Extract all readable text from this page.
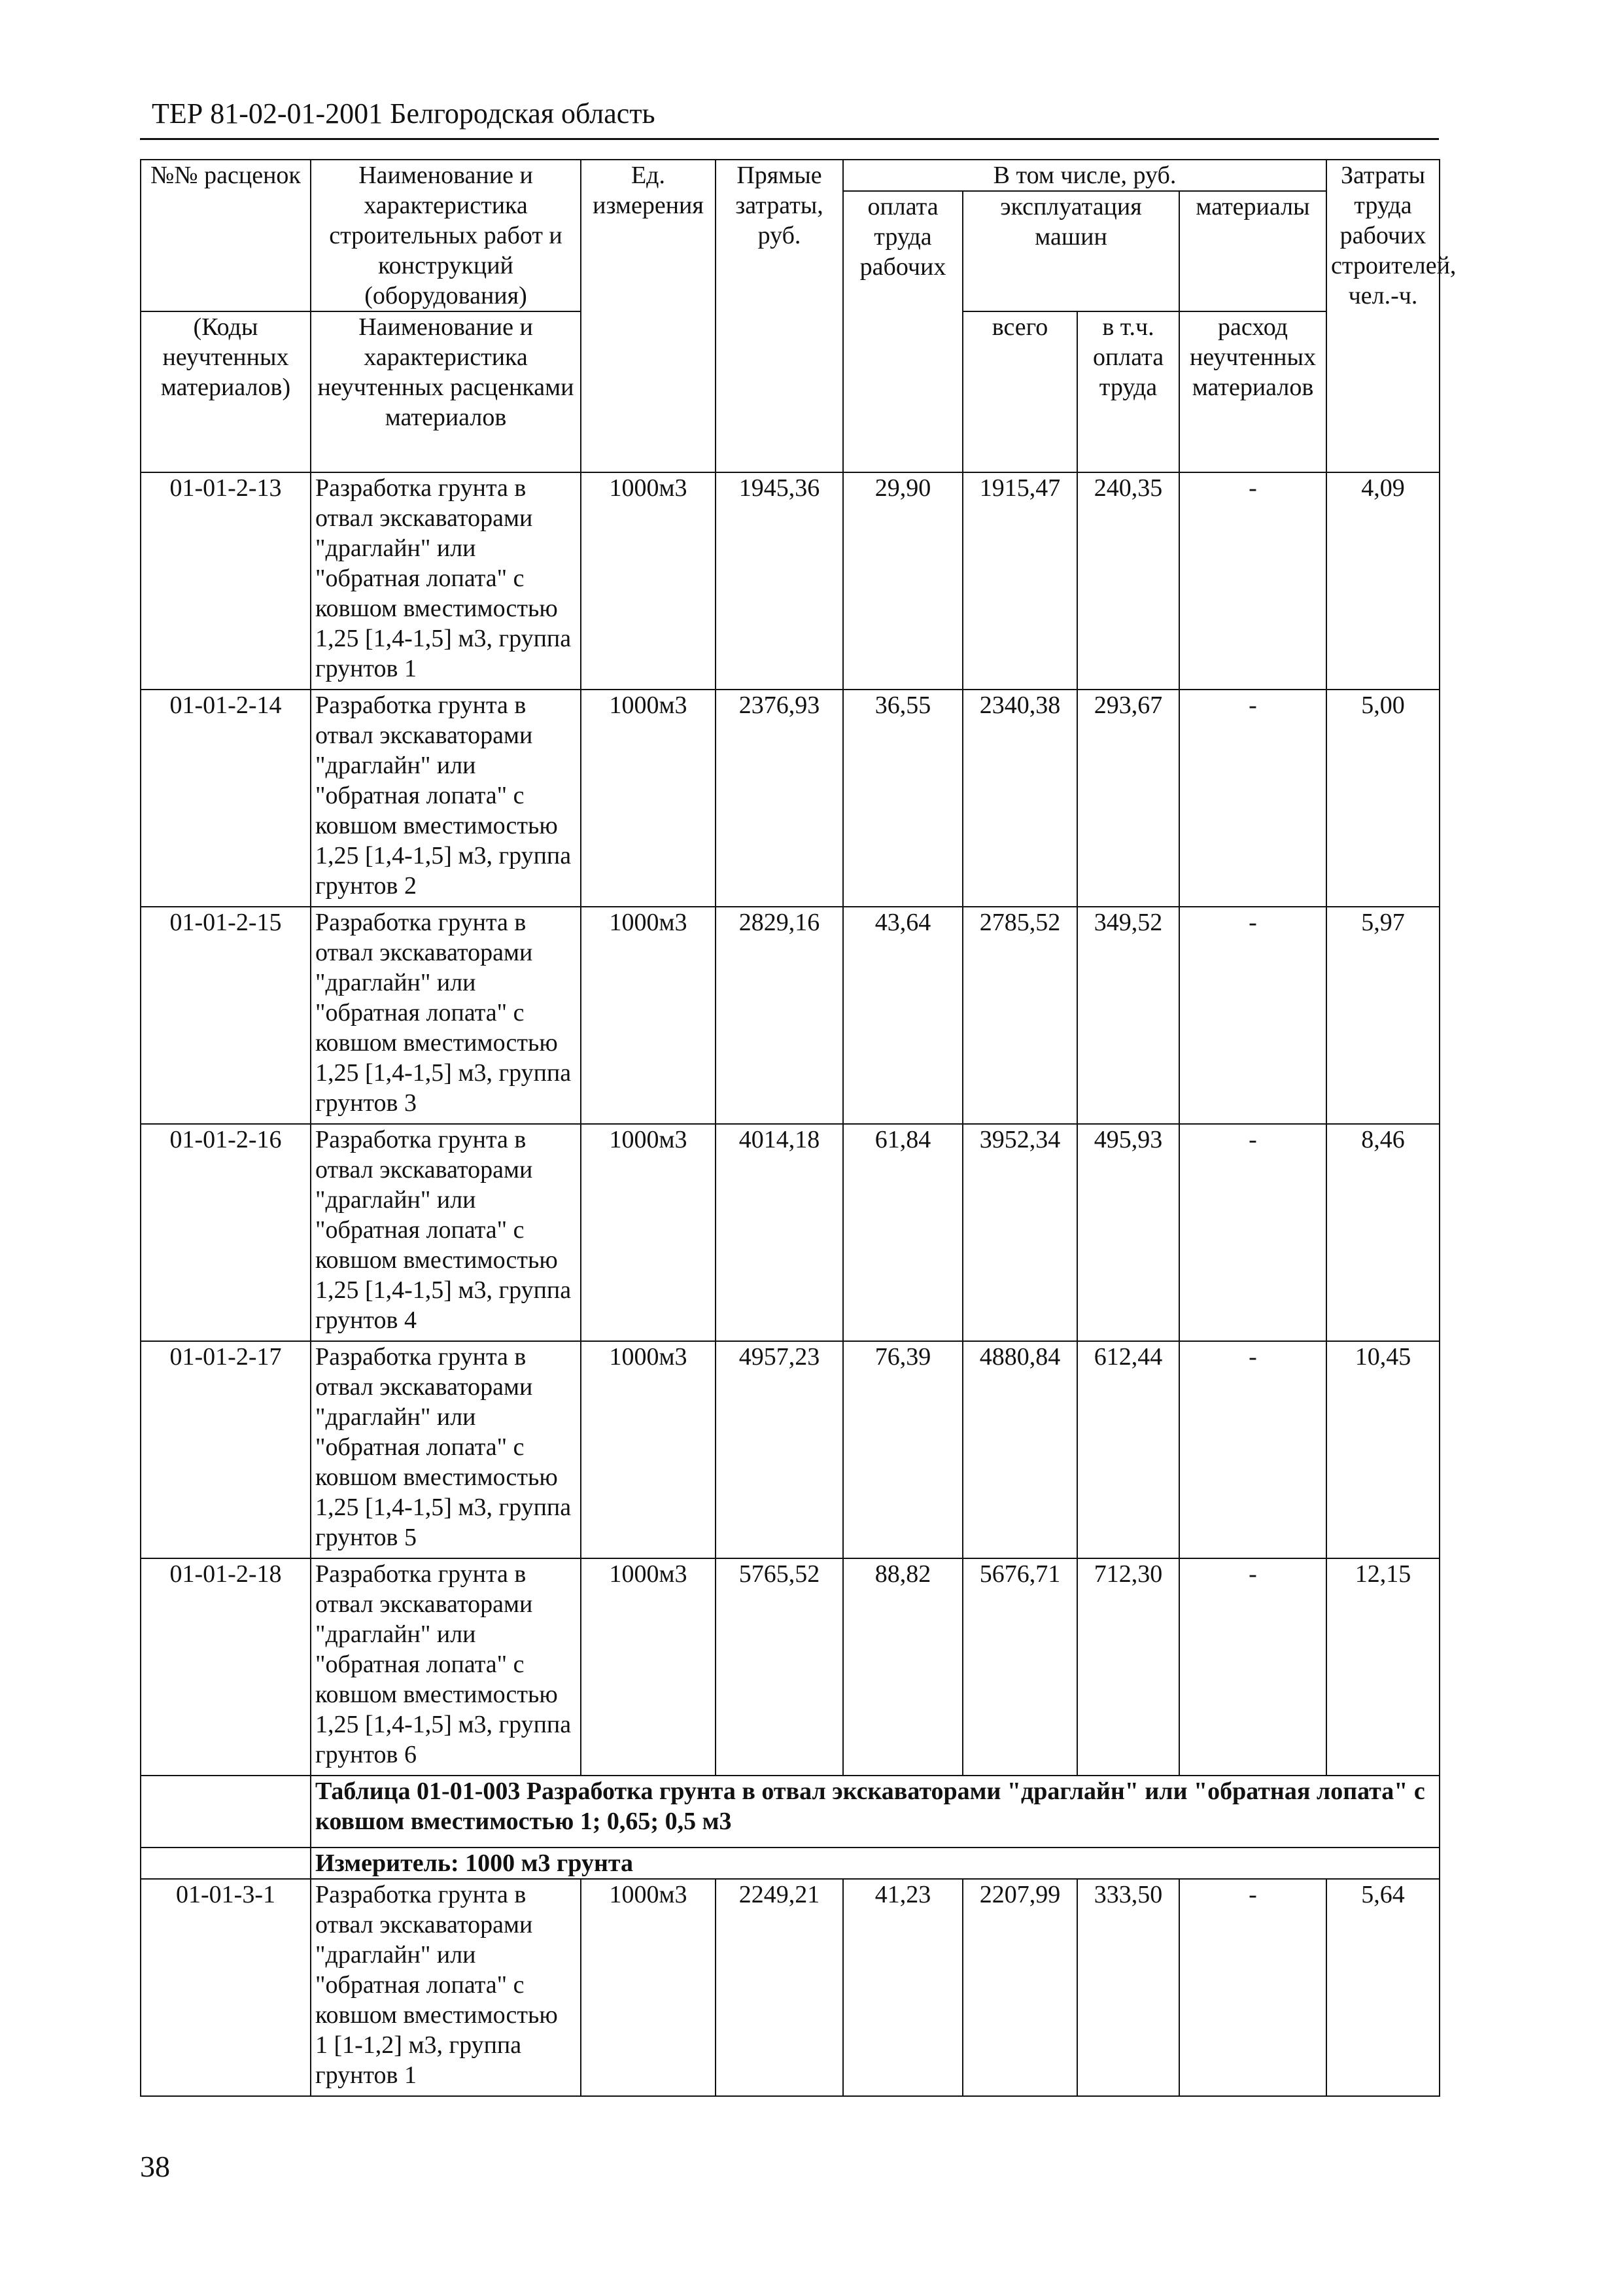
ТЕР 81-02-01-2001 Белгородская область
№№ расценок	Наименование и характеристика строительных работ и конструкций (оборудования)	Ед. измерения	Прямые затраты, руб.	В том числе, руб.				Затраты труда рабочих строителей, чел.-ч.
				оплата труда рабочих	эксплуатация машин		материалы	
(Коды неучтенных материалов)	Наименование и характеристика неучтенных расценками материалов				всего	в т.ч. оплата труда	расход неучтенных материалов	

01-01-2-13	Разработка грунта в отвал экскаваторами "драглайн" или "обратная лопата" с ковшом вместимостью 1,25 [1,4-1,5] м3, группа грунтов 1	1000м3	1945,36	29,90	1915,47	240,35	-	4,09
01-01-2-14	Разработка грунта в отвал экскаваторами "драглайн" или "обратная лопата" с ковшом вместимостью 1,25 [1,4-1,5] м3, группа грунтов 2	1000м3	2376,93	36,55	2340,38	293,67	-	5,00
01-01-2-15	Разработка грунта в отвал экскаваторами "драглайн" или "обратная лопата" с ковшом вместимостью 1,25 [1,4-1,5] м3, группа грунтов 3	1000м3	2829,16	43,64	2785,52	349,52	-	5,97
01-01-2-16	Разработка грунта в отвал экскаваторами "драглайн" или "обратная лопата" с ковшом вместимостью 1,25 [1,4-1,5] м3, группа грунтов 4	1000м3	4014,18	61,84	3952,34	495,93	-	8,46
01-01-2-17	Разработка грунта в отвал экскаваторами "драглайн" или "обратная лопата" с ковшом вместимостью 1,25 [1,4-1,5] м3, группа грунтов 5	1000м3	4957,23	76,39	4880,84	612,44	-	10,45
01-01-2-18	Разработка грунта в отвал экскаваторами "драглайн" или "обратная лопата" с ковшом вместимостью 1,25 [1,4-1,5] м3, группа грунтов 6	1000м3	5765,52	88,82	5676,71	712,30	-	12,15
	Таблица 01-01-003 Разработка грунта в отвал экскаваторами "драглайн" или "обратная лопата" с ковшом вместимостью 1; 0,65; 0,5 м3							
	Измеритель: 1000 м3 грунта							
01-01-3-1	Разработка грунта в отвал экскаваторами "драглайн" или "обратная лопата" с ковшом вместимостью 1 [1-1,2] м3, группа грунтов 1	1000м3	2249,21	41,23	2207,99	333,50	-	5,64
38
